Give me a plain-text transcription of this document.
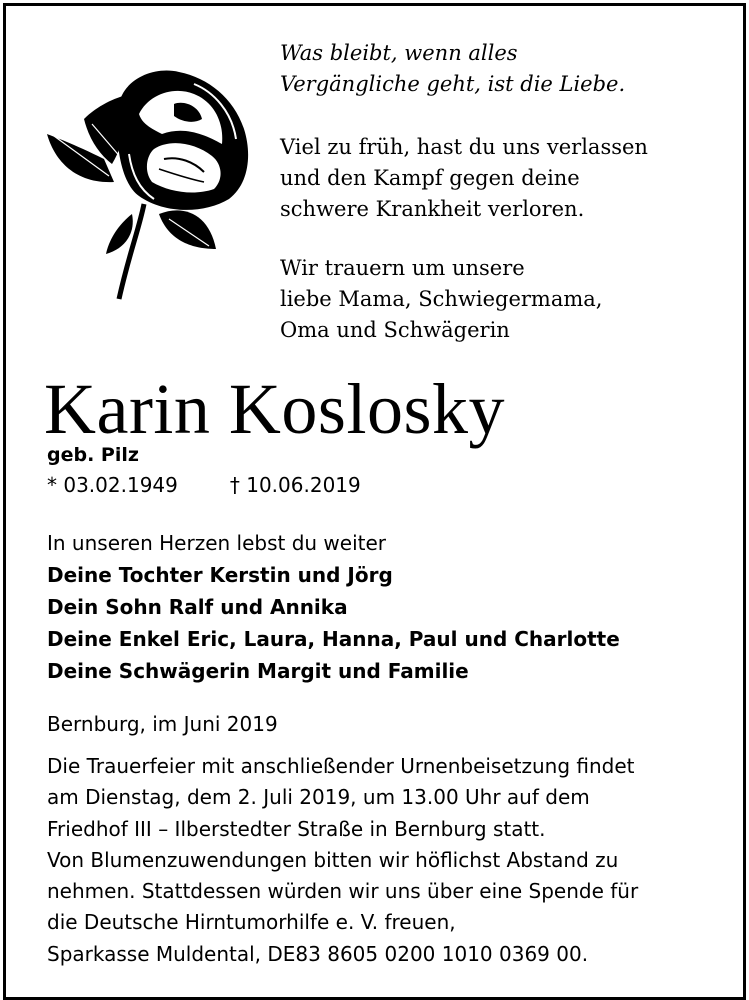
Was bleibt, wenn alles
Vergängliche geht, ist die Liebe.
Viel zu früh, hast du uns verlassen
und den Kampf gegen deine
schwere Krankheit verloren.
Wir trauern um unsere
liebe Mama, Schwiegermama,
Oma und Schwägerin
Karin Koslosky
geb. Pilz
* 03.02.1949	† 10.06.2019
In unseren Herzen lebst du weiter
Deine Tochter Kerstin und Jörg
Dein Sohn Ralf und Annika
Deine Enkel Eric, Laura, Hanna, Paul und Charlotte
Deine Schwägerin Margit und Familie
Bernburg, im Juni 2019
Die Trauerfeier mit anschließender Urnenbeisetzung findet
am Dienstag, dem 2. Juli 2019, um 13.00 Uhr auf dem
Friedhof III – Ilberstedter Straße in Bernburg statt.
Von Blumenzuwendungen bitten wir höflichst Abstand zu
nehmen. Stattdessen würden wir uns über eine Spende für
die Deutsche Hirntumorhilfe e. V. freuen,
Sparkasse Muldental, DE83 8605 0200 1010 0369 00.
